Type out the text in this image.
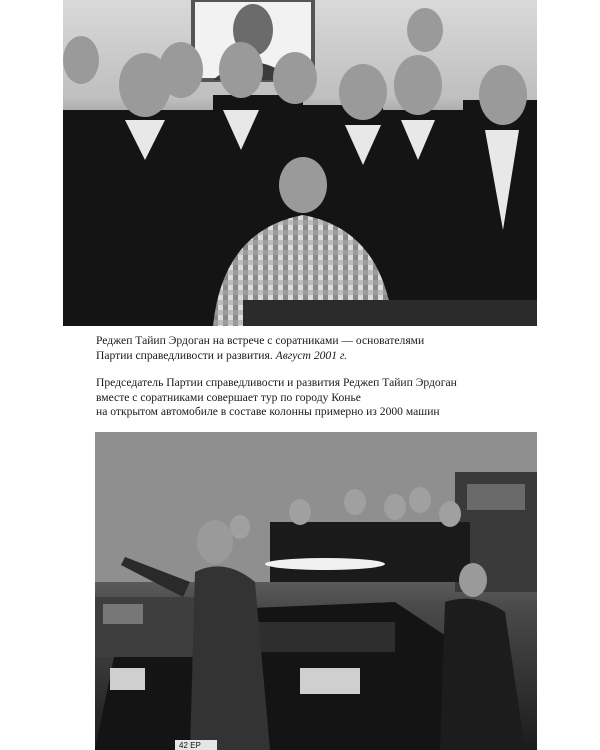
Реджеп Тайип Эрдоган на встрече с соратниками — основателями
Партии справедливости и развития. Август 2001 г.
Председатель Партии справедливости и развития Реджеп Тайип Эрдоган
вместе с соратниками совершает тур по городу Конье
на открытом автомобиле в составе колонны примерно из 2000 машин
42 ЕР
